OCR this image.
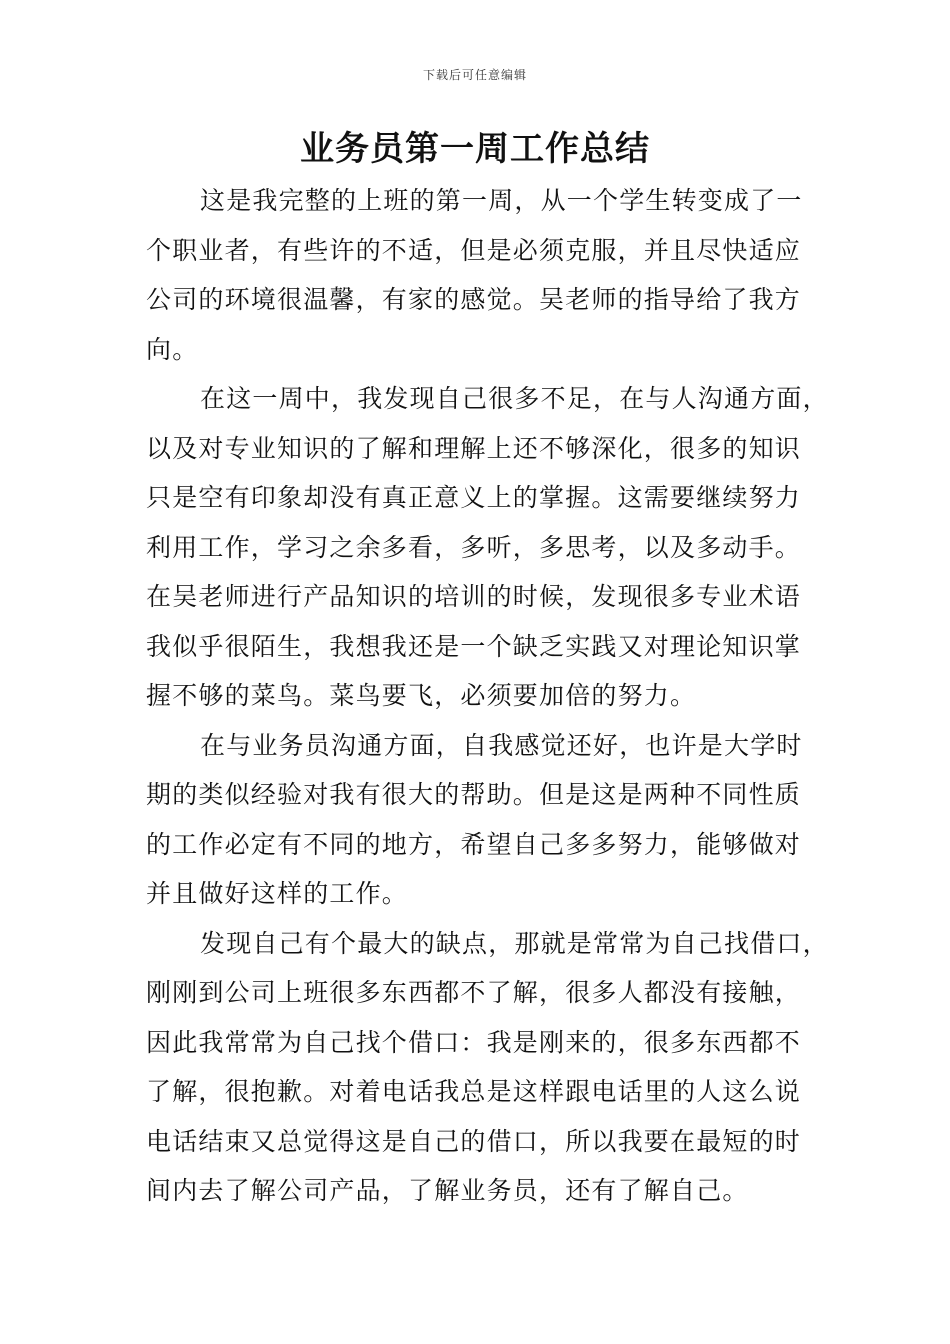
下载后可任意编辑
业务员第一周工作总结
这是我完整的上班的第一周，从一个学生转变成了一
个职业者，有些许的不适，但是必须克服，并且尽快适应
公司的环境很温馨，有家的感觉。吴老师的指导给了我方
向。
在这一周中，我发现自己很多不足，在与人沟通方面，
以及对专业知识的了解和理解上还不够深化，很多的知识
只是空有印象却没有真正意义上的掌握。这需要继续努力
利用工作，学习之余多看，多听，多思考，以及多动手。
在吴老师进行产品知识的培训的时候，发现很多专业术语
我似乎很陌生，我想我还是一个缺乏实践又对理论知识掌
握不够的菜鸟。菜鸟要飞，必须要加倍的努力。
在与业务员沟通方面，自我感觉还好，也许是大学时
期的类似经验对我有很大的帮助。但是这是两种不同性质
的工作必定有不同的地方，希望自己多多努力，能够做对
并且做好这样的工作。
发现自己有个最大的缺点，那就是常常为自己找借口，
刚刚到公司上班很多东西都不了解，很多人都没有接触，
因此我常常为自己找个借口：我是刚来的，很多东西都不
了解，很抱歉。对着电话我总是这样跟电话里的人这么说
电话结束又总觉得这是自己的借口，所以我要在最短的时
间内去了解公司产品，了解业务员，还有了解自己。
